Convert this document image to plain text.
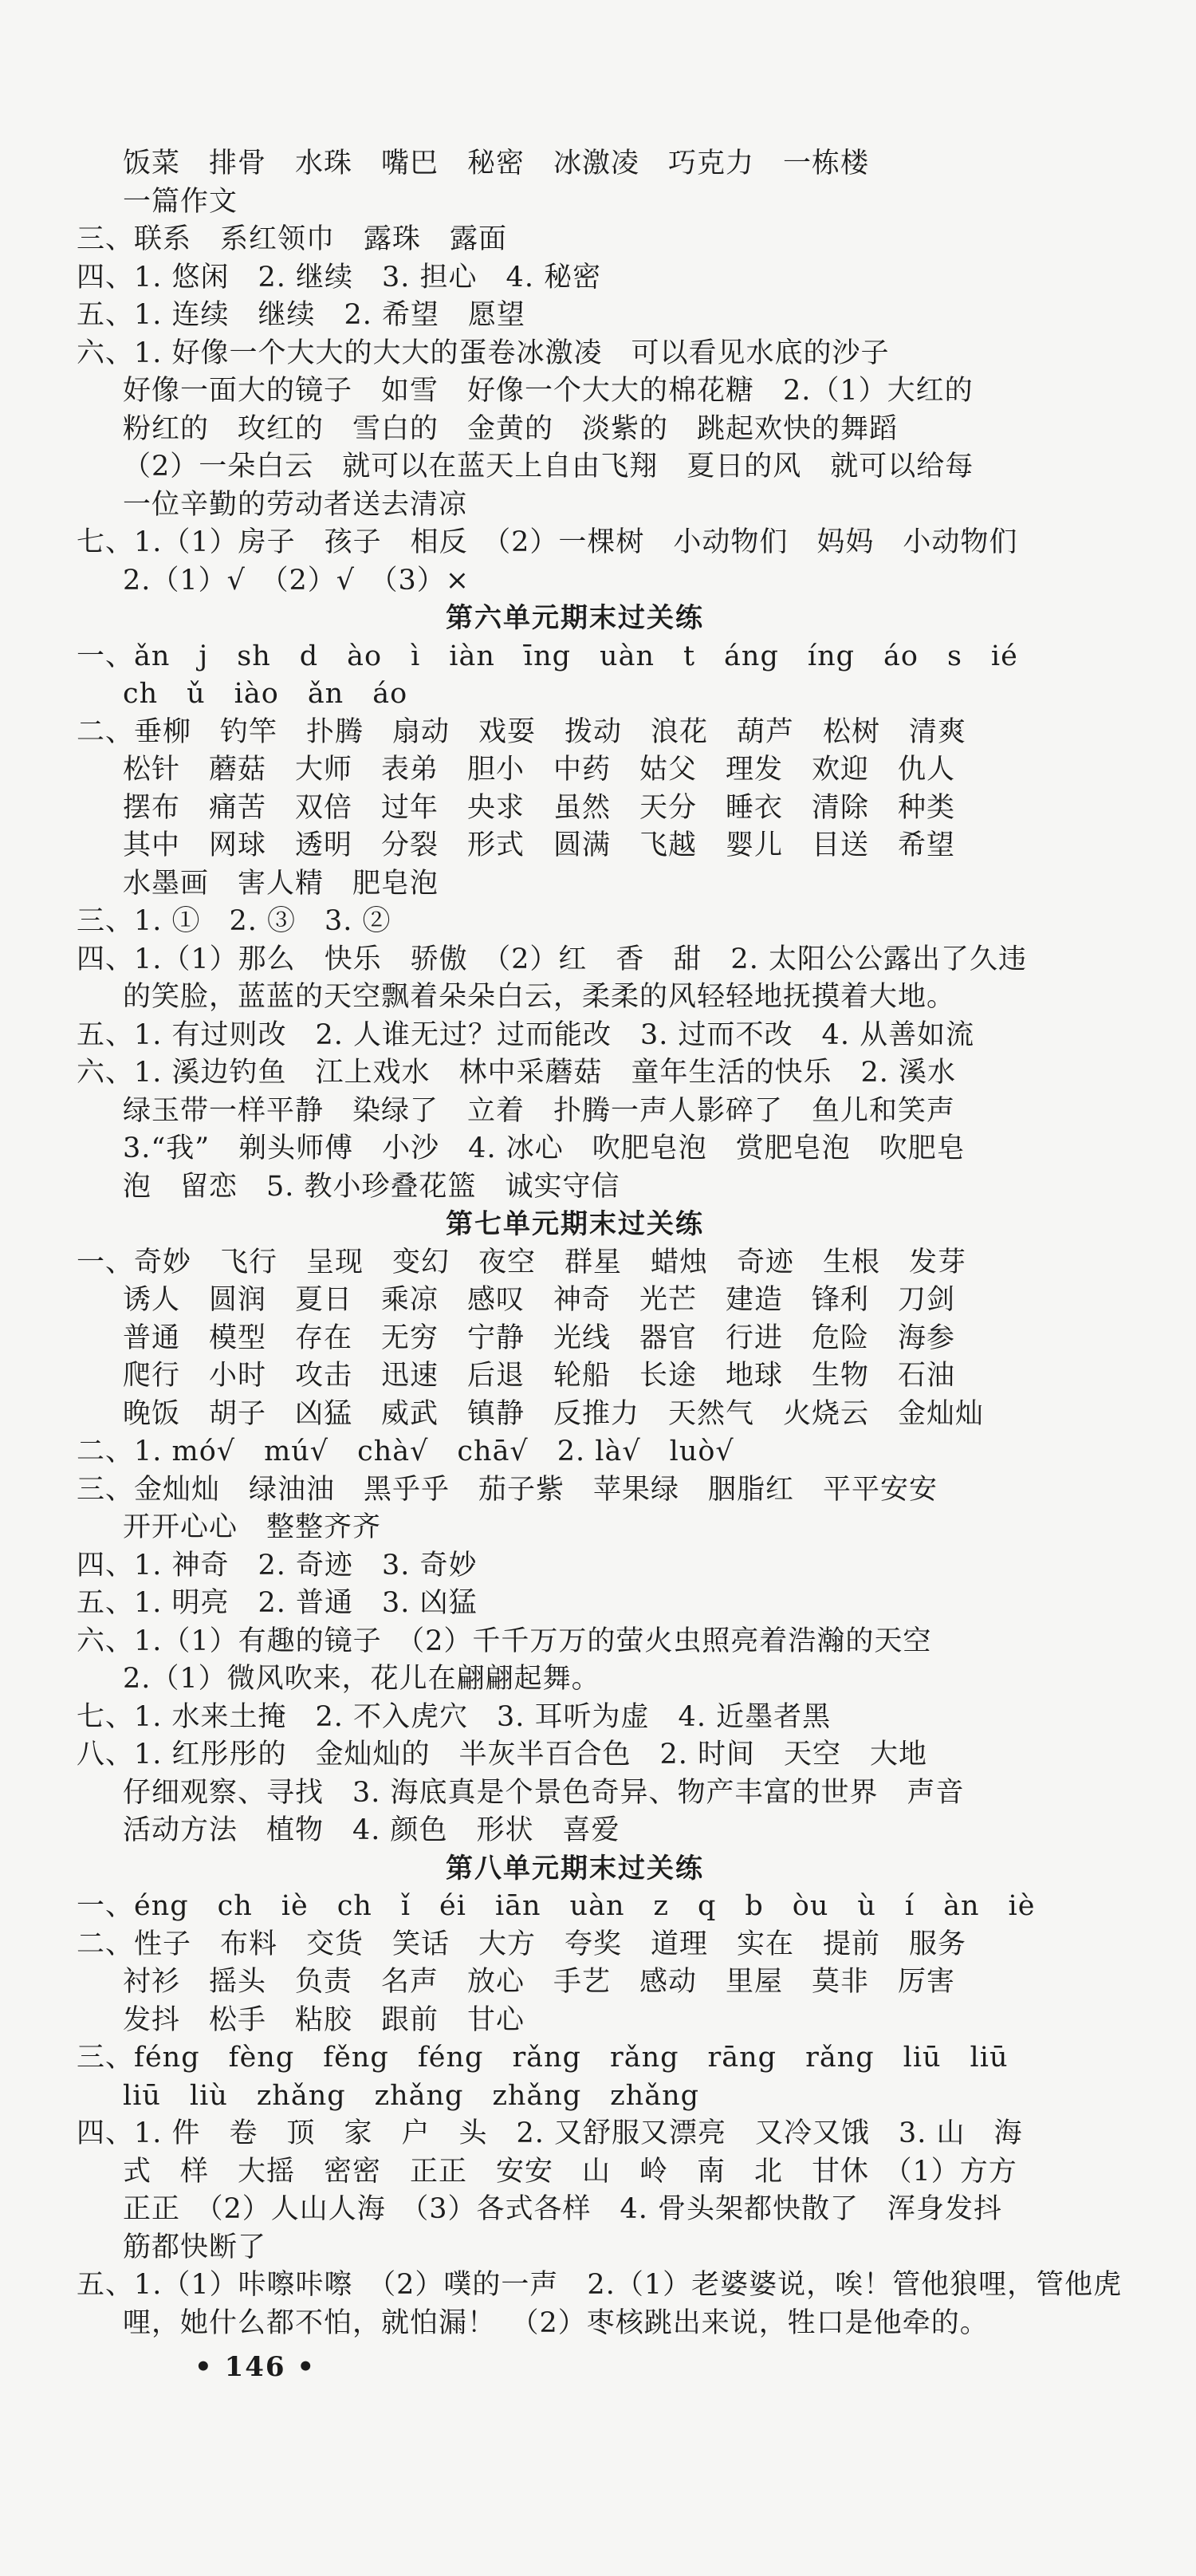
饭菜　排骨　水珠　嘴巴　秘密　冰激凌　巧克力　一栋楼
一篇作文
三、联系　系红领巾　露珠　露面
四、1. 悠闲　2. 继续　3. 担心　4. 秘密
五、1. 连续　继续　2. 希望　愿望
六、1. 好像一个大大的大大的蛋卷冰激凌　可以看见水底的沙子
好像一面大的镜子　如雪　好像一个大大的棉花糖　2.（1）大红的
粉红的　玫红的　雪白的　金黄的　淡紫的　跳起欢快的舞蹈
（2）一朵白云　就可以在蓝天上自由飞翔　夏日的风　就可以给每
一位辛勤的劳动者送去清凉
七、1.（1）房子　孩子　相反　（2）一棵树　小动物们　妈妈　小动物们
2.（1）√　（2）√　（3）×
第六单元期末过关练
一、ǎn　j　sh　d　ào　ì　iàn　īng　uàn　t　áng　íng　áo　s　ié
ch　ǔ　iào　ǎn　áo
二、垂柳　钓竿　扑腾　扇动　戏耍　拨动　浪花　葫芦　松树　清爽
松针　蘑菇　大师　表弟　胆小　中药　姑父　理发　欢迎　仇人
摆布　痛苦　双倍　过年　央求　虽然　天分　睡衣　清除　种类
其中　网球　透明　分裂　形式　圆满　飞越　婴儿　目送　希望
水墨画　害人精　肥皂泡
三、1. ①　2. ③　3. ②
四、1.（1）那么　快乐　骄傲　（2）红　香　甜　2. 太阳公公露出了久违
的笑脸，蓝蓝的天空飘着朵朵白云，柔柔的风轻轻地抚摸着大地。
五、1. 有过则改　2. 人谁无过？过而能改　3. 过而不改　4. 从善如流
六、1. 溪边钓鱼　江上戏水　林中采蘑菇　童年生活的快乐　2. 溪水
绿玉带一样平静　染绿了　立着　扑腾一声人影碎了　鱼儿和笑声
3.“我”　剃头师傅　小沙　4. 冰心　吹肥皂泡　赏肥皂泡　吹肥皂
泡　留恋　5. 教小珍叠花篮　诚实守信
第七单元期末过关练
一、奇妙　飞行　呈现　变幻　夜空　群星　蜡烛　奇迹　生根　发芽
诱人　圆润　夏日　乘凉　感叹　神奇　光芒　建造　锋利　刀剑
普通　模型　存在　无穷　宁静　光线　器官　行进　危险　海参
爬行　小时　攻击　迅速　后退　轮船　长途　地球　生物　石油
晚饭　胡子　凶猛　威武　镇静　反推力　天然气　火烧云　金灿灿
二、1. mó√　mú√　chà√　chā√　2. là√　luò√
三、金灿灿　绿油油　黑乎乎　茄子紫　苹果绿　胭脂红　平平安安
开开心心　整整齐齐
四、1. 神奇　2. 奇迹　3. 奇妙
五、1. 明亮　2. 普通　3. 凶猛
六、1.（1）有趣的镜子　（2）千千万万的萤火虫照亮着浩瀚的天空
2.（1）微风吹来，花儿在翩翩起舞。
七、1. 水来土掩　2. 不入虎穴　3. 耳听为虚　4. 近墨者黑
八、1. 红彤彤的　金灿灿的　半灰半百合色　2. 时间　天空　大地
仔细观察、寻找　3. 海底真是个景色奇异、物产丰富的世界　声音
活动方法　植物　4. 颜色　形状　喜爱
第八单元期末过关练
一、éng　ch　iè　ch　ǐ　éi　iān　uàn　z　q　b　òu　ù　í　àn　iè
二、性子　布料　交货　笑话　大方　夸奖　道理　实在　提前　服务
衬衫　摇头　负责　名声　放心　手艺　感动　里屋　莫非　厉害
发抖　松手　粘胶　跟前　甘心
三、féng　fèng　fěng　féng　rǎng　rǎng　rāng　rǎng　liū　liū
liū　liù　zhǎng　zhǎng　zhǎng　zhǎng
四、1. 件　卷　顶　家　户　头　2. 又舒服又漂亮　又冷又饿　3. 山　海
式　样　大摇　密密　正正　安安　山　岭　南　北　甘休　（1）方方
正正　（2）人山人海　（3）各式各样　4. 骨头架都快散了　浑身发抖
筋都快断了
五、1.（1）咔嚓咔嚓　（2）噗的一声　2.（1）老婆婆说，唉！管他狼哩，管他虎
哩，她什么都不怕，就怕漏！　（2）枣核跳出来说，牲口是他牵的。
• 146 •
